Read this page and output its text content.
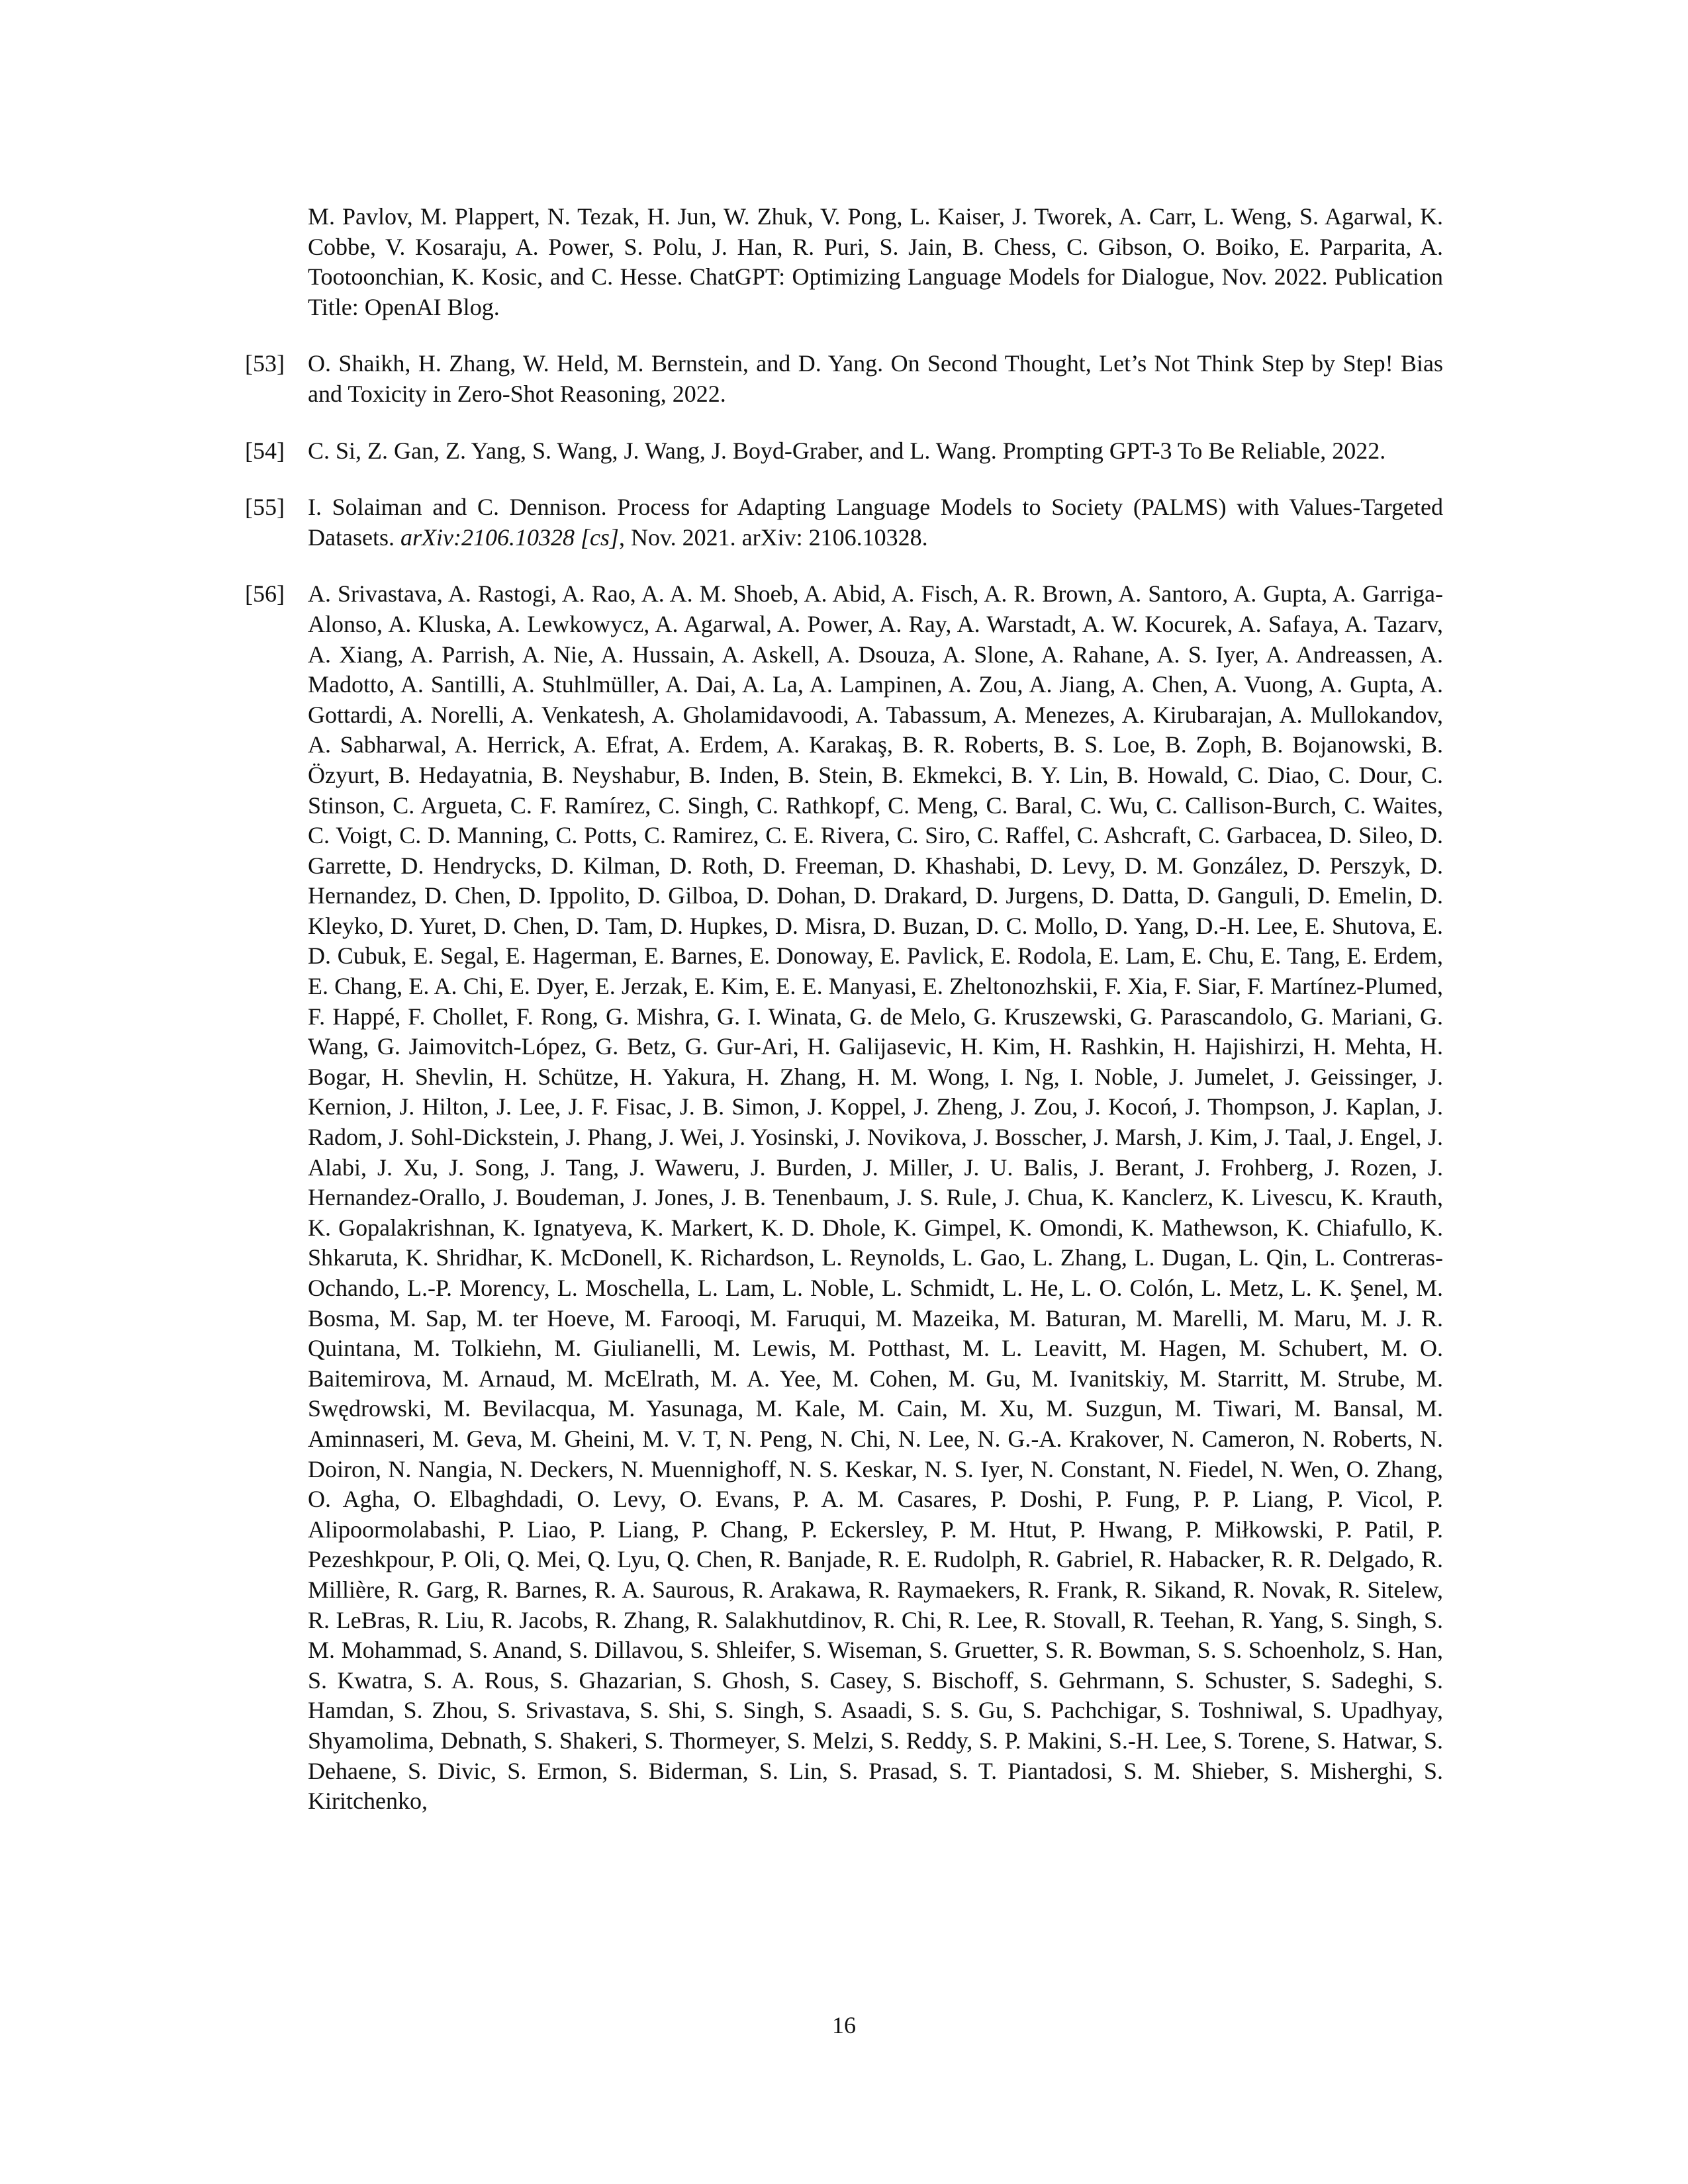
M. Pavlov, M. Plappert, N. Tezak, H. Jun, W. Zhuk, V. Pong, L. Kaiser, J. Tworek, A. Carr, L. Weng, S. Agarwal, K. Cobbe, V. Kosaraju, A. Power, S. Polu, J. Han, R. Puri, S. Jain, B. Chess, C. Gibson, O. Boiko, E. Parparita, A. Tootoonchian, K. Kosic, and C. Hesse. ChatGPT: Optimizing Language Models for Dialogue, Nov. 2022. Publication Title: OpenAI Blog.
[53] O. Shaikh, H. Zhang, W. Held, M. Bernstein, and D. Yang. On Second Thought, Let’s Not Think Step by Step! Bias and Toxicity in Zero-Shot Reasoning, 2022.
[54] C. Si, Z. Gan, Z. Yang, S. Wang, J. Wang, J. Boyd-Graber, and L. Wang. Prompting GPT-3 To Be Reliable, 2022.
[55] I. Solaiman and C. Dennison. Process for Adapting Language Models to Society (PALMS) with Values-Targeted Datasets. arXiv:2106.10328 [cs], Nov. 2021. arXiv: 2106.10328.
[56] A. Srivastava, A. Rastogi, A. Rao, A. A. M. Shoeb, A. Abid, A. Fisch, A. R. Brown, A. Santoro, A. Gupta, A. Garriga-Alonso, A. Kluska, A. Lewkowycz, A. Agarwal, A. Power, A. Ray, A. Warstadt, A. W. Kocurek, A. Safaya, A. Tazarv, A. Xiang, A. Parrish, A. Nie, A. Hussain, A. Askell, A. Dsouza, A. Slone, A. Rahane, A. S. Iyer, A. Andreassen, A. Madotto, A. Santilli, A. Stuhlmüller, A. Dai, A. La, A. Lampinen, A. Zou, A. Jiang, A. Chen, A. Vuong, A. Gupta, A. Gottardi, A. Norelli, A. Venkatesh, A. Gholamidavoodi, A. Tabassum, A. Menezes, A. Kirubarajan, A. Mullokandov, A. Sabharwal, A. Herrick, A. Efrat, A. Erdem, A. Karakaş, B. R. Roberts, B. S. Loe, B. Zoph, B. Bojanowski, B. Özyurt, B. Hedayatnia, B. Neyshabur, B. Inden, B. Stein, B. Ekmekci, B. Y. Lin, B. Howald, C. Diao, C. Dour, C. Stinson, C. Argueta, C. F. Ramírez, C. Singh, C. Rathkopf, C. Meng, C. Baral, C. Wu, C. Callison-Burch, C. Waites, C. Voigt, C. D. Manning, C. Potts, C. Ramirez, C. E. Rivera, C. Siro, C. Raffel, C. Ashcraft, C. Garbacea, D. Sileo, D. Garrette, D. Hendrycks, D. Kilman, D. Roth, D. Freeman, D. Khashabi, D. Levy, D. M. González, D. Perszyk, D. Hernandez, D. Chen, D. Ippolito, D. Gilboa, D. Dohan, D. Drakard, D. Jurgens, D. Datta, D. Ganguli, D. Emelin, D. Kleyko, D. Yuret, D. Chen, D. Tam, D. Hupkes, D. Misra, D. Buzan, D. C. Mollo, D. Yang, D.-H. Lee, E. Shutova, E. D. Cubuk, E. Segal, E. Hagerman, E. Barnes, E. Donoway, E. Pavlick, E. Rodola, E. Lam, E. Chu, E. Tang, E. Erdem, E. Chang, E. A. Chi, E. Dyer, E. Jerzak, E. Kim, E. E. Manyasi, E. Zheltonozhskii, F. Xia, F. Siar, F. Martínez-Plumed, F. Happé, F. Chollet, F. Rong, G. Mishra, G. I. Winata, G. de Melo, G. Kruszewski, G. Parascandolo, G. Mariani, G. Wang, G. Jaimovitch-López, G. Betz, G. Gur-Ari, H. Galijasevic, H. Kim, H. Rashkin, H. Hajishirzi, H. Mehta, H. Bogar, H. Shevlin, H. Schütze, H. Yakura, H. Zhang, H. M. Wong, I. Ng, I. Noble, J. Jumelet, J. Geissinger, J. Kernion, J. Hilton, J. Lee, J. F. Fisac, J. B. Simon, J. Koppel, J. Zheng, J. Zou, J. Kocoń, J. Thompson, J. Kaplan, J. Radom, J. Sohl-Dickstein, J. Phang, J. Wei, J. Yosinski, J. Novikova, J. Bosscher, J. Marsh, J. Kim, J. Taal, J. Engel, J. Alabi, J. Xu, J. Song, J. Tang, J. Waweru, J. Burden, J. Miller, J. U. Balis, J. Berant, J. Frohberg, J. Rozen, J. Hernandez-Orallo, J. Boudeman, J. Jones, J. B. Tenenbaum, J. S. Rule, J. Chua, K. Kanclerz, K. Livescu, K. Krauth, K. Gopalakrishnan, K. Ignatyeva, K. Markert, K. D. Dhole, K. Gimpel, K. Omondi, K. Mathewson, K. Chiafullo, K. Shkaruta, K. Shridhar, K. McDonell, K. Richardson, L. Reynolds, L. Gao, L. Zhang, L. Dugan, L. Qin, L. Contreras-Ochando, L.-P. Morency, L. Moschella, L. Lam, L. Noble, L. Schmidt, L. He, L. O. Colón, L. Metz, L. K. Şenel, M. Bosma, M. Sap, M. ter Hoeve, M. Farooqi, M. Faruqui, M. Mazeika, M. Baturan, M. Marelli, M. Maru, M. J. R. Quintana, M. Tolkiehn, M. Giulianelli, M. Lewis, M. Potthast, M. L. Leavitt, M. Hagen, M. Schubert, M. O. Baitemirova, M. Arnaud, M. McElrath, M. A. Yee, M. Cohen, M. Gu, M. Ivanitskiy, M. Starritt, M. Strube, M. Swędrowski, M. Bevilacqua, M. Yasunaga, M. Kale, M. Cain, M. Xu, M. Suzgun, M. Tiwari, M. Bansal, M. Aminnaseri, M. Geva, M. Gheini, M. V. T, N. Peng, N. Chi, N. Lee, N. G.-A. Krakover, N. Cameron, N. Roberts, N. Doiron, N. Nangia, N. Deckers, N. Muennighoff, N. S. Keskar, N. S. Iyer, N. Constant, N. Fiedel, N. Wen, O. Zhang, O. Agha, O. Elbaghdadi, O. Levy, O. Evans, P. A. M. Casares, P. Doshi, P. Fung, P. P. Liang, P. Vicol, P. Alipoormolabashi, P. Liao, P. Liang, P. Chang, P. Eckersley, P. M. Htut, P. Hwang, P. Miłkowski, P. Patil, P. Pezeshkpour, P. Oli, Q. Mei, Q. Lyu, Q. Chen, R. Banjade, R. E. Rudolph, R. Gabriel, R. Habacker, R. R. Delgado, R. Millière, R. Garg, R. Barnes, R. A. Saurous, R. Arakawa, R. Raymaekers, R. Frank, R. Sikand, R. Novak, R. Sitelew, R. LeBras, R. Liu, R. Jacobs, R. Zhang, R. Salakhutdinov, R. Chi, R. Lee, R. Stovall, R. Teehan, R. Yang, S. Singh, S. M. Mohammad, S. Anand, S. Dillavou, S. Shleifer, S. Wiseman, S. Gruetter, S. R. Bowman, S. S. Schoenholz, S. Han, S. Kwatra, S. A. Rous, S. Ghazarian, S. Ghosh, S. Casey, S. Bischoff, S. Gehrmann, S. Schuster, S. Sadeghi, S. Hamdan, S. Zhou, S. Srivastava, S. Shi, S. Singh, S. Asaadi, S. S. Gu, S. Pachchigar, S. Toshniwal, S. Upadhyay, Shyamolima, Debnath, S. Shakeri, S. Thormeyer, S. Melzi, S. Reddy, S. P. Makini, S.-H. Lee, S. Torene, S. Hatwar, S. Dehaene, S. Divic, S. Ermon, S. Biderman, S. Lin, S. Prasad, S. T. Piantadosi, S. M. Shieber, S. Misherghi, S. Kiritchenko,
16
